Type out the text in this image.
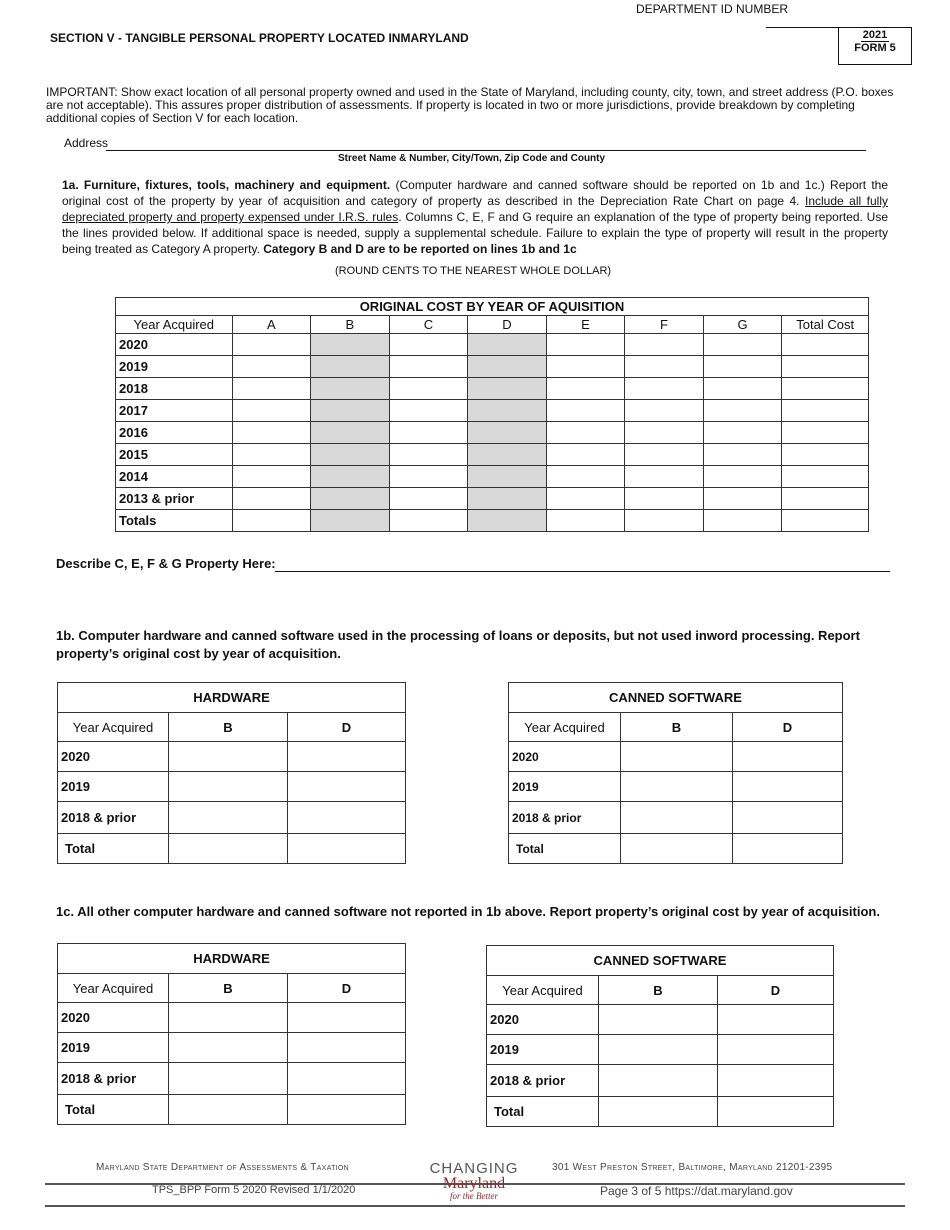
DEPARTMENT ID NUMBER
2021
FORM 5
SECTION V - TANGIBLE PERSONAL PROPERTY LOCATED INMARYLAND
IMPORTANT: Show exact location of all personal property owned and used in the State of Maryland, including county, city, town, and street address (P.O. boxes are not acceptable). This assures proper distribution of assessments. If property is located in two or more jurisdictions, provide breakdown by completing additional copies of Section V for each location.
Address
Street Name & Number, City/Town, Zip Code and County
1a. Furniture, fixtures, tools, machinery and equipment. (Computer hardware and canned software should be reported on 1b and 1c.) Report the original cost of the property by year of acquisition and category of property as described in the Depreciation Rate Chart on page 4. Include all fully depreciated property and property expensed under I.R.S. rules. Columns C, E, F and G require an explanation of the type of property being reported. Use the lines provided below. If additional space is needed, supply a supplemental schedule. Failure to explain the type of property will result in the property being treated as Category A property. Category B and D are to be reported on lines 1b and 1c
(ROUND CENTS TO THE NEAREST WHOLE DOLLAR)
ORIGINAL COST BY YEAR OF AQUISITION								
Year Acquired	A	B	C	D	E	F	G	Total Cost
2020								
2019								
2018								
2017								
2016								
2015								
2014								
2013 & prior								
Totals								
Describe C, E, F & G Property Here:
1b. Computer hardware and canned software used in the processing of loans or deposits, but not used inword processing. Report property’s original cost by year of acquisition.
HARDWARE		
Year Acquired	B	D
2020		
2019		
2018 & prior		
Total		
CANNED SOFTWARE		
Year Acquired	B	D
2020		
2019		
2018 & prior		
Total		
1c. All other computer hardware and canned software not reported in 1b above. Report property’s original cost by year of acquisition.
HARDWARE		
Year Acquired	B	D
2020		
2019		
2018 & prior		
Total		
CANNED SOFTWARE		
Year Acquired	B	D
2020		
2019		
2018 & prior		
Total		
Maryland State Department of Assessments & Taxation	CHANGING
Maryland
for the Better
301 West Preston Street, Baltimore, Maryland 21201-2395
TPS_BPP Form 5 2020 Revised 1/1/2020	Page 3 of 5 https://dat.maryland.gov
